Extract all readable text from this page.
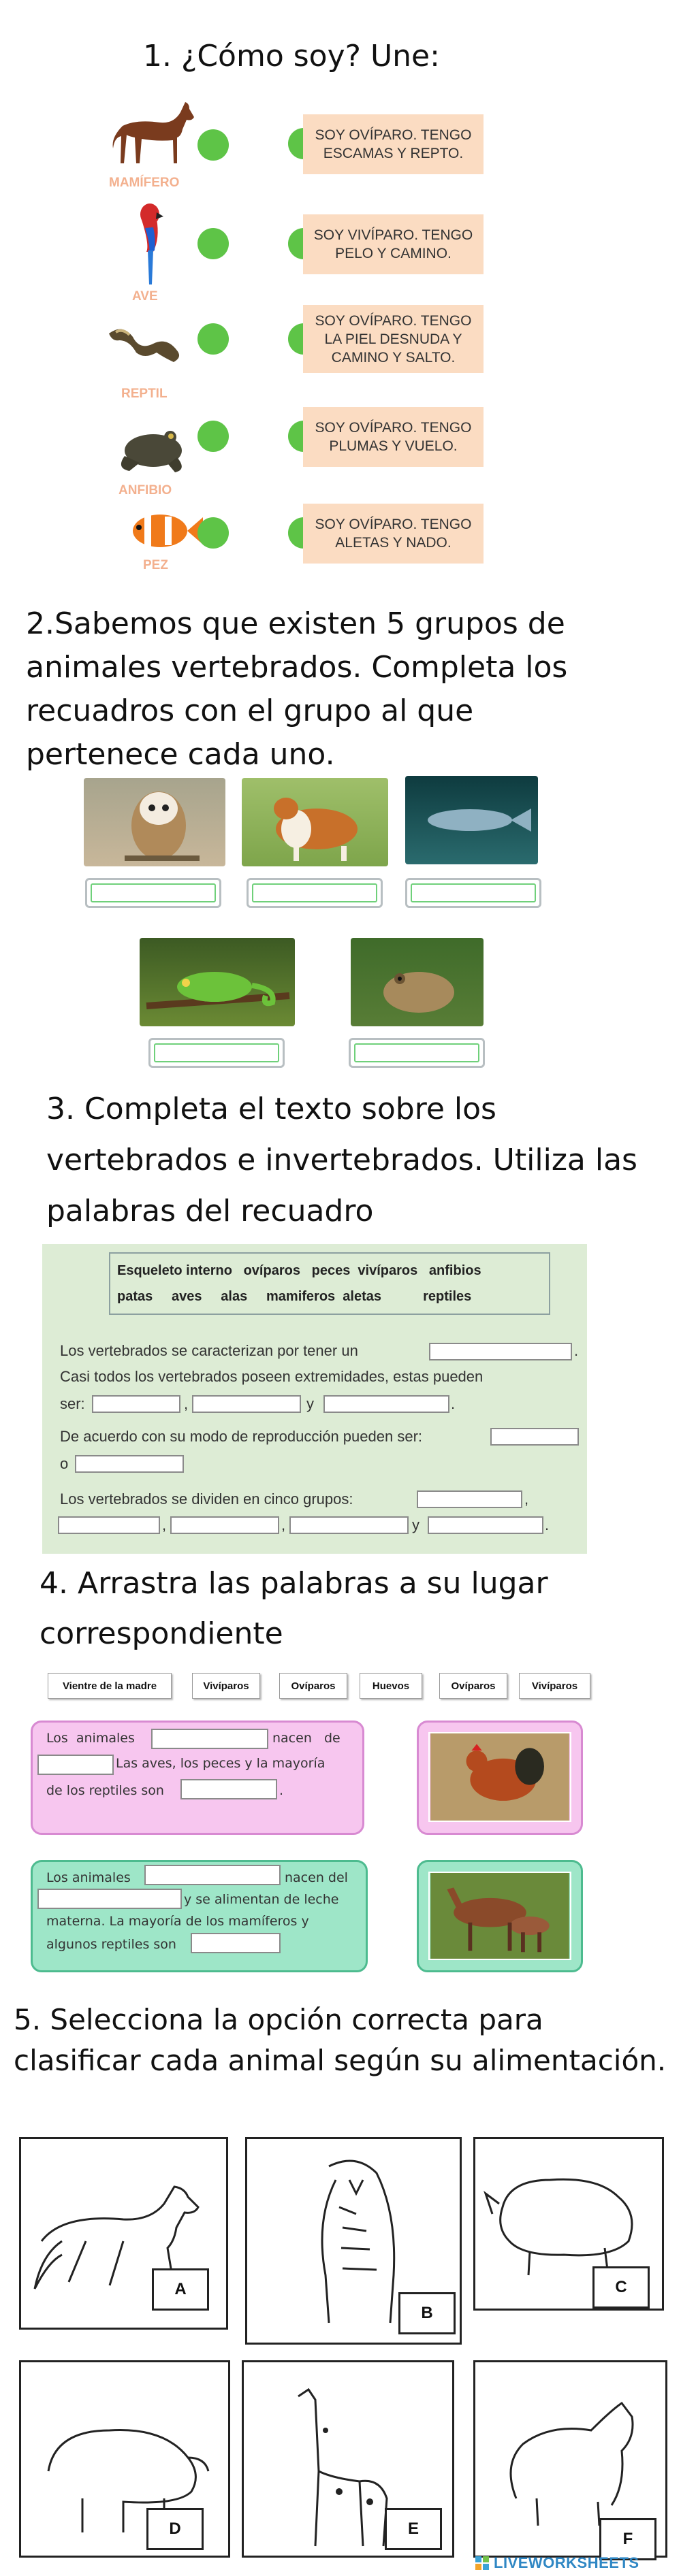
1. ¿Cómo soy? Une:
MAMÍFERO
AVE
REPTIL
ANFIBIO
PEZ
SOY OVÍPARO. TENGO ESCAMAS Y REPTO.
SOY VIVÍPARO. TENGO PELO Y CAMINO.
SOY OVÍPARO. TENGO LA PIEL DESNUDA Y CAMINO Y SALTO.
SOY OVÍPARO. TENGO PLUMAS Y VUELO.
SOY OVÍPARO. TENGO ALETAS Y NADO.
2.Sabemos que existen 5 grupos de animales vertebrados. Completa los recuadros con el grupo al que pertenece cada uno.
3. Completa el texto sobre los vertebrados e invertebrados. Utiliza las palabras del recuadro
Esqueleto interno   ovíparos   peces  vivíparos   anfibios
patas     aves     alas     mamiferos  aletas           reptiles
Los vertebrados se caracterizan por tener un	.
Casi todos los vertebrados poseen extremidades, estas pueden
ser:	,	y	.
De acuerdo con su modo de reproducción pueden ser:
o
Los vertebrados se dividen en cinco grupos:	,
,	,	y	.
4. Arrastra las palabras a su lugar correspondiente
Vientre de la madre	Vivíparos	Ovíparos	Huevos	Ovíparos	Vivíparos
Los  animales	nacen   de
Las aves, los peces y la mayoría
de los reptiles son	.
Los animales	nacen del
y se alimentan de leche
materna. La mayoría de los mamíferos y
algunos reptiles son
5. Selecciona la opción correcta para clasificar cada animal según su alimentación.
A
B
C
D	E
F
LIVEWORKSHEETS
